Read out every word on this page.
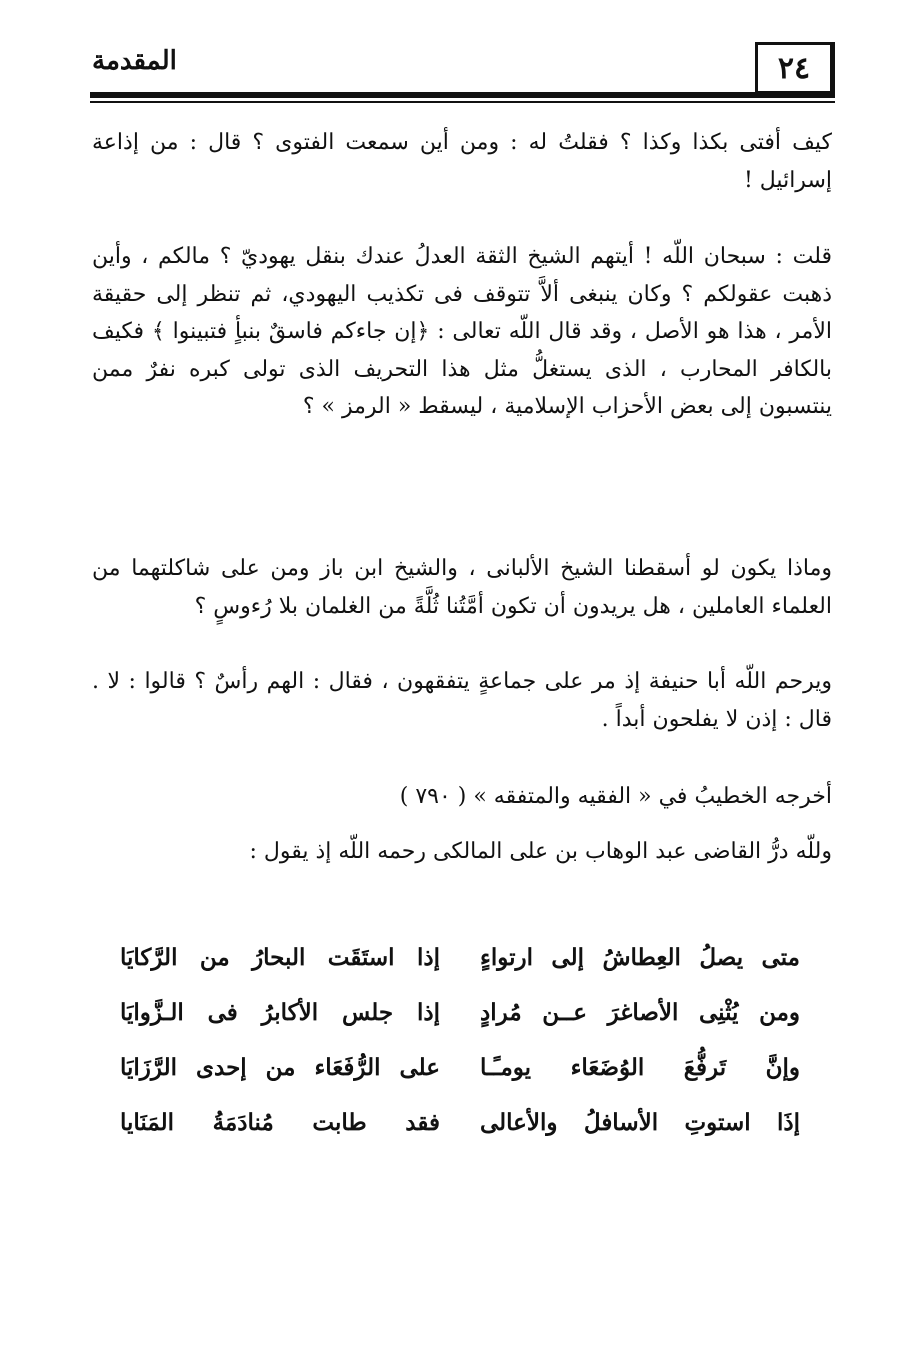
المقدمة	٢٤

كيف أفتى بكذا وكذا ؟ فقلتُ له : ومن أين سمعت الفتوى ؟ قال : من إذاعة إسرائيل !

قلت : سبحان اللّه ! أيتهم الشيخ الثقة العدلُ عندك بنقل يهوديّ ؟ مالكم ، وأين ذهبت عقولكم ؟ وكان ينبغى ألاَّ تتوقف فى تكذيب اليهودي، ثم تنظر إلى حقيقة الأمر ، هذا هو الأصل ، وقد قال اللّه تعالى : ﴿إن جاءكم فاسقٌ بنبأٍ فتبينوا ﴾ فكيف بالكافر المحارب ، الذى يستغلُّ مثل هذا التحريف الذى تولى كبره نفرٌ ممن ينتسبون إلى بعض الأحزاب الإسلامية ، ليسقط « الرمز » ؟

وماذا يكون لو أسقطنا الشيخ الألبانى ، والشيخ ابن باز ومن على شاكلتهما من العلماء العاملين ، هل يريدون أن تكون أمَّتُنا ثُلَّةً من الغلمان بلا رُءوسٍ ؟

ويرحم اللّه أبا حنيفة إذ مر على جماعةٍ يتفقهون ، فقال : الهم رأسٌ ؟ قالوا : لا . قال : إذن لا يفلحون أبداً .

أخرجه الخطيبُ في « الفقيه والمتفقه » ( ٧٩٠ )

وللّه درُّ القاضى عبد الوهاب بن على المالكى رحمه اللّه إذ يقول :

متى يصلُ العِطاشُ إلى ارتواءٍ
إذا استَقَت البحارُ من الرَّكايَا
ومن يُثْنِى الأصاغرَ عــن مُرادٍ
إذا جلس الأكابرُ فى الـزَّوايَا
وإنَّ تَرفُّعَ الوُضَعَاء يومـًـا
على الرُّفَعَاء من إحدى الرَّزَايَا
إذَا استوتِ الأسافلُ والأعالى
فقد طابت مُنادَمَةُ المَنَايا
